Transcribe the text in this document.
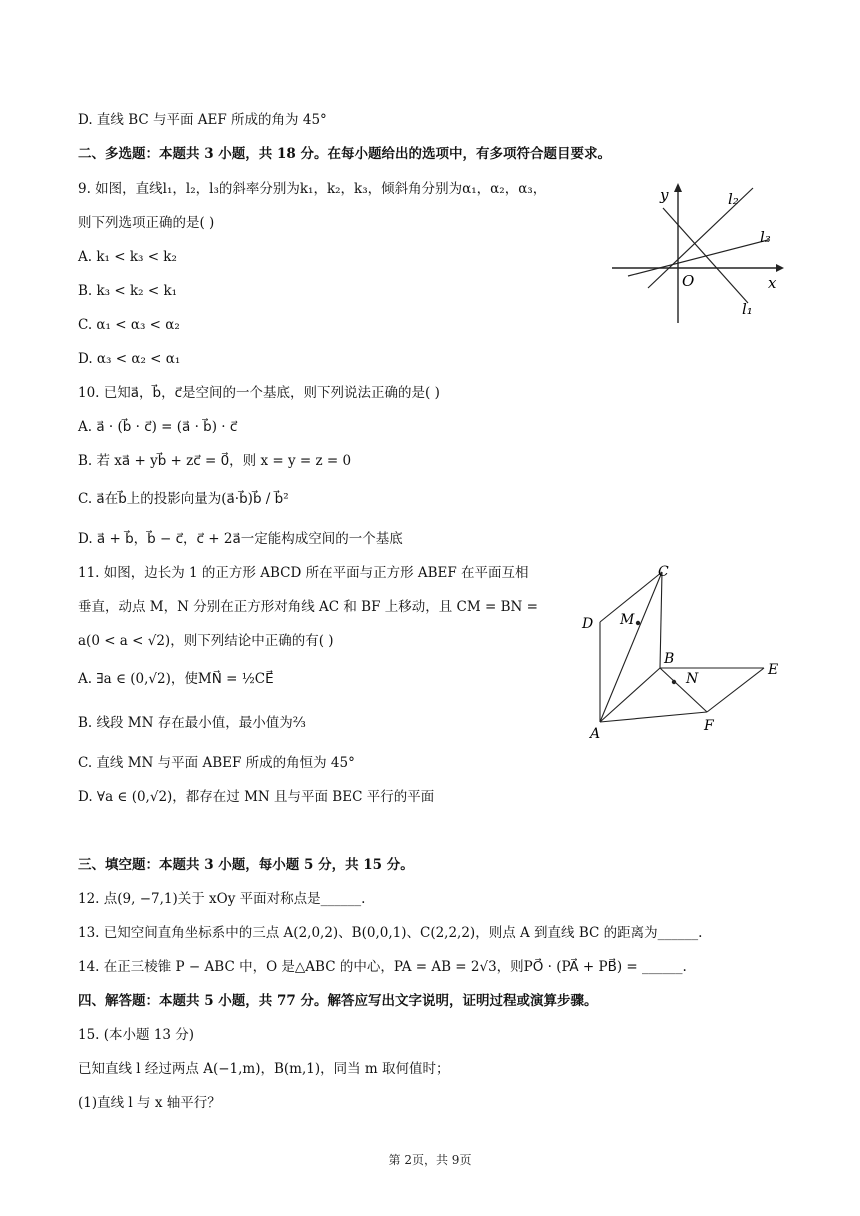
D. 直线 BC 与平面 AEF 所成的角为 45°
二、多选题：本题共 3 小题，共 18 分。在每小题给出的选项中，有多项符合题目要求。
9. 如图，直线l₁，l₂，l₃的斜率分别为k₁，k₂，k₃，倾斜角分别为α₁，α₂，α₃，
则下列选项正确的是( )
A. k₁ < k₃ < k₂
B. k₃ < k₂ < k₁
C. α₁ < α₃ < α₂
D. α₃ < α₂ < α₁
10. 已知a⃗，b⃗，c⃗是空间的一个基底，则下列说法正确的是( )
A. a⃗ · (b⃗ · c⃗) = (a⃗ · b⃗) · c⃗
B. 若 xa⃗ + yb⃗ + zc⃗ = 0⃗，则 x = y = z = 0
C. a⃗在b⃗上的投影向量为(a⃗·b⃗)b⃗ / b⃗²
D. a⃗ + b⃗，b⃗ − c⃗，c⃗ + 2a⃗一定能构成空间的一个基底
11. 如图，边长为 1 的正方形 ABCD 所在平面与正方形 ABEF 在平面互相
垂直，动点 M，N 分别在正方形对角线 AC 和 BF 上移动，且 CM = BN =
a(0 < a < √2)，则下列结论中正确的有( )
A. ∃a ∈ (0,√2)，使MN⃗ = ½CE⃗
B. 线段 MN 存在最小值，最小值为⅔
C. 直线 MN 与平面 ABEF 所成的角恒为 45°
D. ∀a ∈ (0,√2)，都存在过 MN 且与平面 BEC 平行的平面
三、填空题：本题共 3 小题，每小题 5 分，共 15 分。
12. 点(9, −7,1)关于 xOy 平面对称点是______.
13. 已知空间直角坐标系中的三点 A(2,0,2)、B(0,0,1)、C(2,2,2)，则点 A 到直线 BC 的距离为______.
14. 在正三棱锥 P − ABC 中，O 是△ABC 的中心，PA = AB = 2√3，则PO⃗ · (PA⃗ + PB⃗) = ______.
四、解答题：本题共 5 小题，共 77 分。解答应写出文字说明，证明过程或演算步骤。
15. (本小题 13 分)
已知直线 l 经过两点 A(−1,m)，B(m,1)，同当 m 取何值时；
(1)直线 l 与 x 轴平行？
y
x
O
l₂
l₃
l₁
A
B
C
D
E
F
M
N
第 2页，共 9页
